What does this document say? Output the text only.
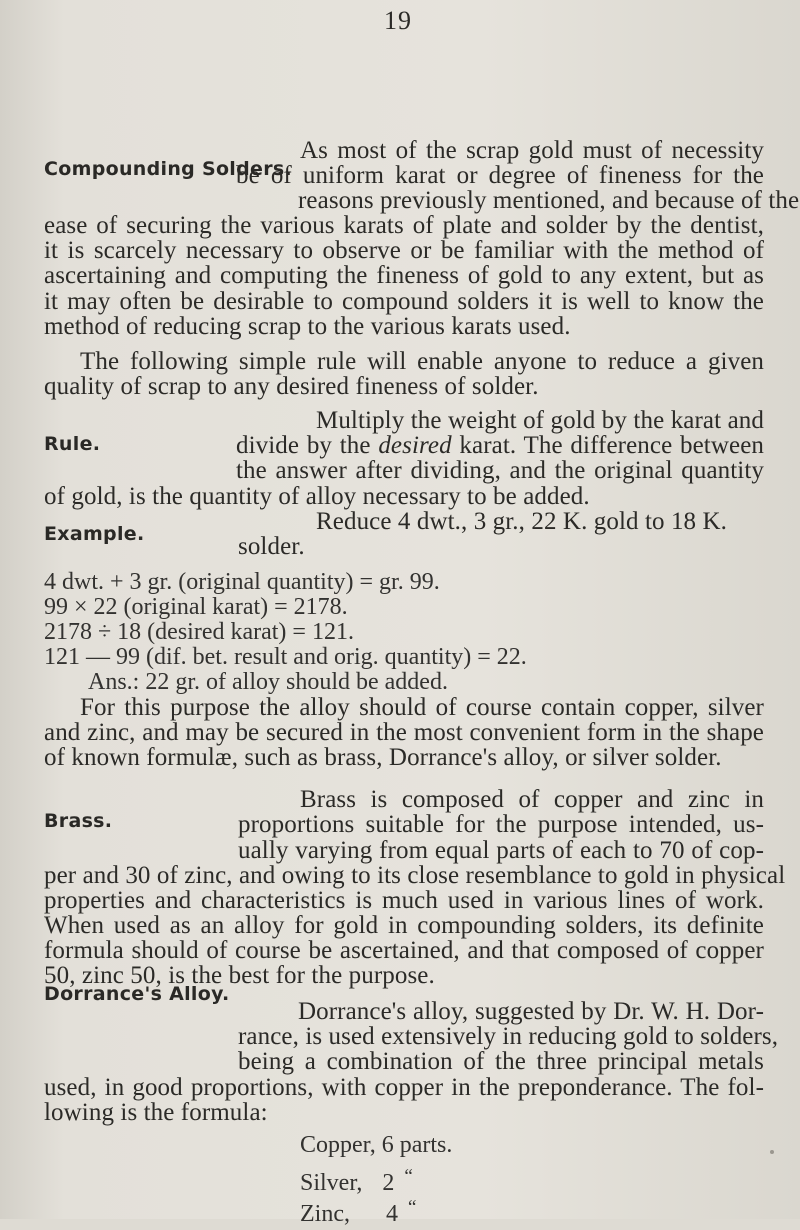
19
Compounding Solders.
As most of the scrap gold must of necessity
be of uniform karat or degree of fineness for the
reasons previously mentioned, and because of the
ease of securing the various karats of plate and solder by the dentist,
it is scarcely necessary to observe or be familiar with the method of
ascertaining and computing the fineness of gold to any extent, but as
it may often be desirable to compound solders it is well to know the
method of reducing scrap to the various karats used.
The following simple rule will enable anyone to reduce a given
quality of scrap to any desired fineness of solder.
Rule.
Multiply the weight of gold by the karat and
divide by the desired karat. The difference between
the answer after dividing, and the original quantity
of gold, is the quantity of alloy necessary to be added.
Example.	Reduce 4 dwt., 3 gr., 22 K. gold to 18 K.
solder.
4 dwt. + 3 gr. (original quantity) = gr. 99.
99 × 22 (original karat) = 2178.
2178 ÷ 18 (desired karat) = 121.
121 — 99 (dif. bet. result and orig. quantity) = 22.
Ans.: 22 gr. of alloy should be added.
For this purpose the alloy should of course contain copper, silver
and zinc, and may be secured in the most convenient form in the shape
of known formulæ, such as brass, Dorrance's alloy, or silver solder.
Brass.
Brass is composed of copper and zinc in
proportions suitable for the purpose intended, us-
ually varying from equal parts of each to 70 of cop-
per and 30 of zinc, and owing to its close resemblance to gold in physical
properties and characteristics is much used in various lines of work.
When used as an alloy for gold in compounding solders, its definite
formula should of course be ascertained, and that composed of copper
50, zinc 50, is the best for the purpose.
Dorrance's Alloy.
Dorrance's alloy, suggested by Dr. W. H. Dor-
rance, is used extensively in reducing gold to solders,
being a combination of the three principal metals
used, in good proportions, with copper in the preponderance. The fol-
lowing is the formula:
Copper, 6 parts.
Silver, 2 “
Zinc, 4 “
